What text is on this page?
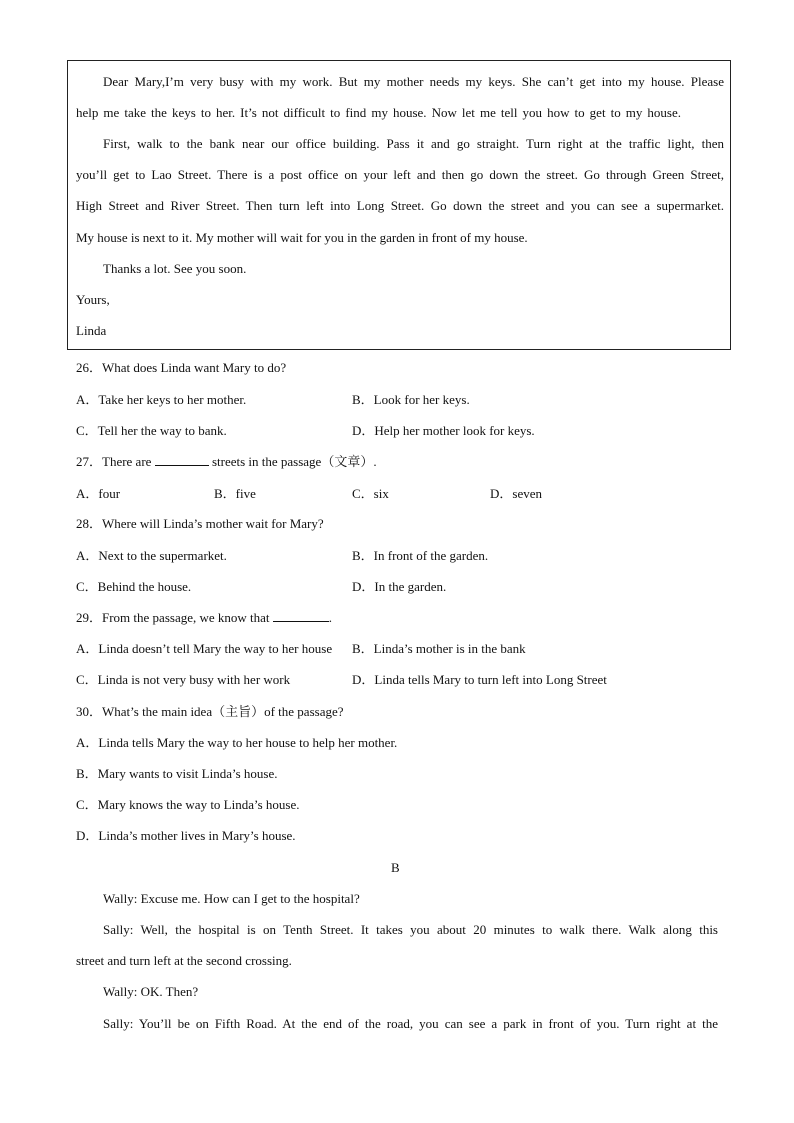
Dear Mary,I’m very busy with my work. But my mother needs my keys. She can’t get into my house. Please
help me take the keys to her. It’s not difficult to find my house. Now let me tell you how to get to my house.
First, walk to the bank near our office building. Pass it and go straight. Turn right at the traffic light, then
you’ll get to Lao Street. There is a post office on your left and then go down the street. Go through Green Street,
High Street and River Street. Then turn left into Long Street. Go down the street and you can see a supermarket.
My house is next to it. My mother will wait for you in the garden in front of my house.
Thanks a lot. See you soon.
Yours,
Linda
26．What does Linda want Mary to do?
A．Take her keys to her mother.	B．Look for her keys.
C．Tell her the way to bank.	D．Help her mother look for keys.
27．There are	streets in the passage（文章）.
A．four	B．five	C．six	D．seven
28．Where will Linda’s mother wait for Mary?
A．Next to the supermarket.	B．In front of the garden.
C．Behind the house.	D．In the garden.
29．From the passage, we know that	.
A．Linda doesn’t tell Mary the way to her house	B．Linda’s mother is in the bank
C．Linda is not very busy with her work	D．Linda tells Mary to turn left into Long Street
30．What’s the main idea（主旨）of the passage?
A．Linda tells Mary the way to her house to help her mother.
B．Mary wants to visit Linda’s house.
C．Mary knows the way to Linda’s house.
D．Linda’s mother lives in Mary’s house.
B
Wally: Excuse me. How can I get to the hospital?
Sally: Well, the hospital is on Tenth Street. It takes you about 20 minutes to walk there. Walk along this
street and turn left at the second crossing.
Wally: OK. Then?
Sally: You’ll be on Fifth Road. At the end of the road, you can see a park in front of you. Turn right at the
